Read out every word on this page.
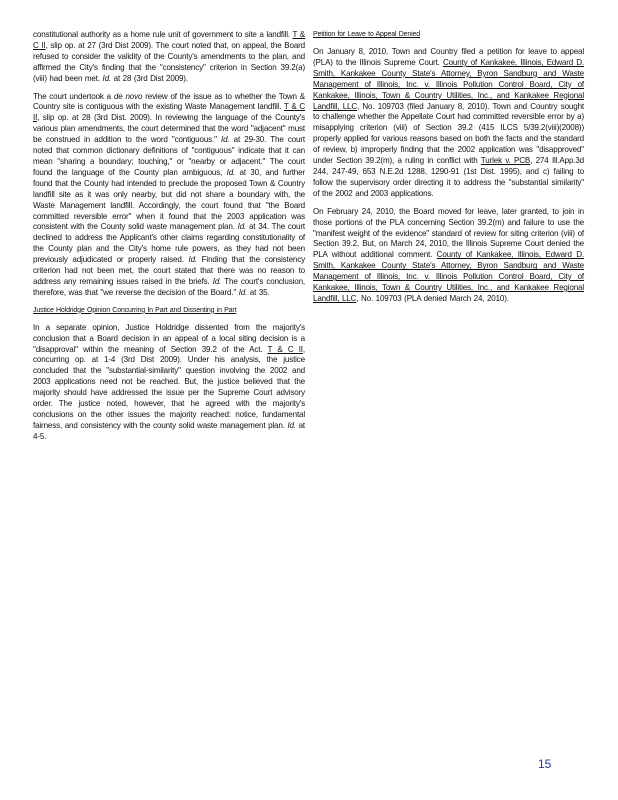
constitutional authority as a home rule unit of government to site a landfill. T & C II, slip op. at 27 (3rd Dist 2009). The court noted that, on appeal, the Board refused to consider the validity of the County's amendments to the plan, and affirmed the City's finding that the "consistency" criterion in Section 39.2(a)(viii) had been met. Id. at 28 (3rd Dist 2009).

The court undertook a de novo review of the issue as to whether the Town & Country site is contiguous with the existing Waste Management landfill. T & C II, slip op. at 28 (3rd Dist. 2009). In reviewing the language of the County's various plan amendments, the court determined that the word "adjacent" must be construed in addition to the word "contiguous." Id. at 29-30. The court noted that common dictionary definitions of "contiguous" indicate that it can mean "sharing a boundary; touching," or "nearby or adjacent." The court found the language of the County plan ambiguous, Id. at 30, and further found that the County had intended to preclude the proposed Town & Country landfill site as it was only nearby, but did not share a boundary with, the Waste Management landfill. Accordingly, the court found that "the Board committed reversible error" when it found that the 2003 application was consistent with the County solid waste management plan. Id. at 34. The court declined to address the Applicant's other claims regarding constitutionality of the County plan and the City's home rule powers, as they had not been previously adjudicated or properly raised. Id. Finding that the consistency criterion had not been met, the court stated that there was no reason to address any remaining issues raised in the briefs. Id. The court's conclusion, therefore, was that "we reverse the decision of the Board." Id. at 35.

Justice Holdridge Opinion Concurring In Part and Dissenting in Part

In a separate opinion, Justice Holdridge dissented from the majority's conclusion that a Board decision in an appeal of a local siting decision is a "disapproval" within the meaning of Section 39.2 of the Act. T & C II, concurring op. at 1-4 (3rd Dist 2009). Under his analysis, the justice concluded that the "substantial-similarity" question involving the 2002 and 2003 applications need not be reached. But, the justice believed that the majority should have addressed the issue per the Supreme Court advisory order. The justice noted, however, that he agreed with the majority's conclusions on the other issues the majority reached: notice, fundamental fairness, and consistency with the county solid waste management plan. Id. at 4-5.

Petition for Leave to Appeal Denied

On January 8, 2010, Town and Country filed a petition for leave to appeal (PLA) to the Illinois Supreme Court. County of Kankakee, Illinois, Edward D. Smith, Kankakee County State's Attorney, Byron Sandburg and Waste Management of Illinois, Inc. v. Illinois Pollution Control Board, City of Kankakee, Illinois, Town & Country Utilities, Inc., and Kankakee Regional Landfill, LLC, No. 109703 (filed January 8, 2010). Town and Country sought to challenge whether the Appellate Court had committed reversible error by a) misapplying criterion (viii) of Section 39.2 (415 ILCS 5/39.2(viii)(2008)) properly applied for various reasons based on both the facts and the standard of review, b) improperly finding that the 2002 application was "disapproved" under Section 39.2(m), a ruling in conflict with Turlek v. PCB, 274 Ill.App.3d 244, 247-49, 653 N.E.2d 1288, 1290-91 (1st Dist. 1995), and c) failing to follow the supervisory order directing it to address the "substantial similarity" of the 2002 and 2003 applications.

On February 24, 2010, the Board moved for leave, later granted, to join in those portions of the PLA concerning Section 39.2(m) and failure to use the "manifest weight of the evidence" standard of review for siting criterion (viii) of Section 39.2. But, on March 24, 2010, the Illinois Supreme Court denied the PLA without additional comment. County of Kankakee, Illinois, Edward D. Smith, Kankakee County State's Attorney, Byron Sandburg and Waste Management of Illinois, Inc. v. Illinois Pollution Control Board, City of Kankakee, Illinois, Town & Country Utilities, Inc., and Kankakee Regional Landfill, LLC, No. 109703 (PLA denied March 24, 2010).

15
